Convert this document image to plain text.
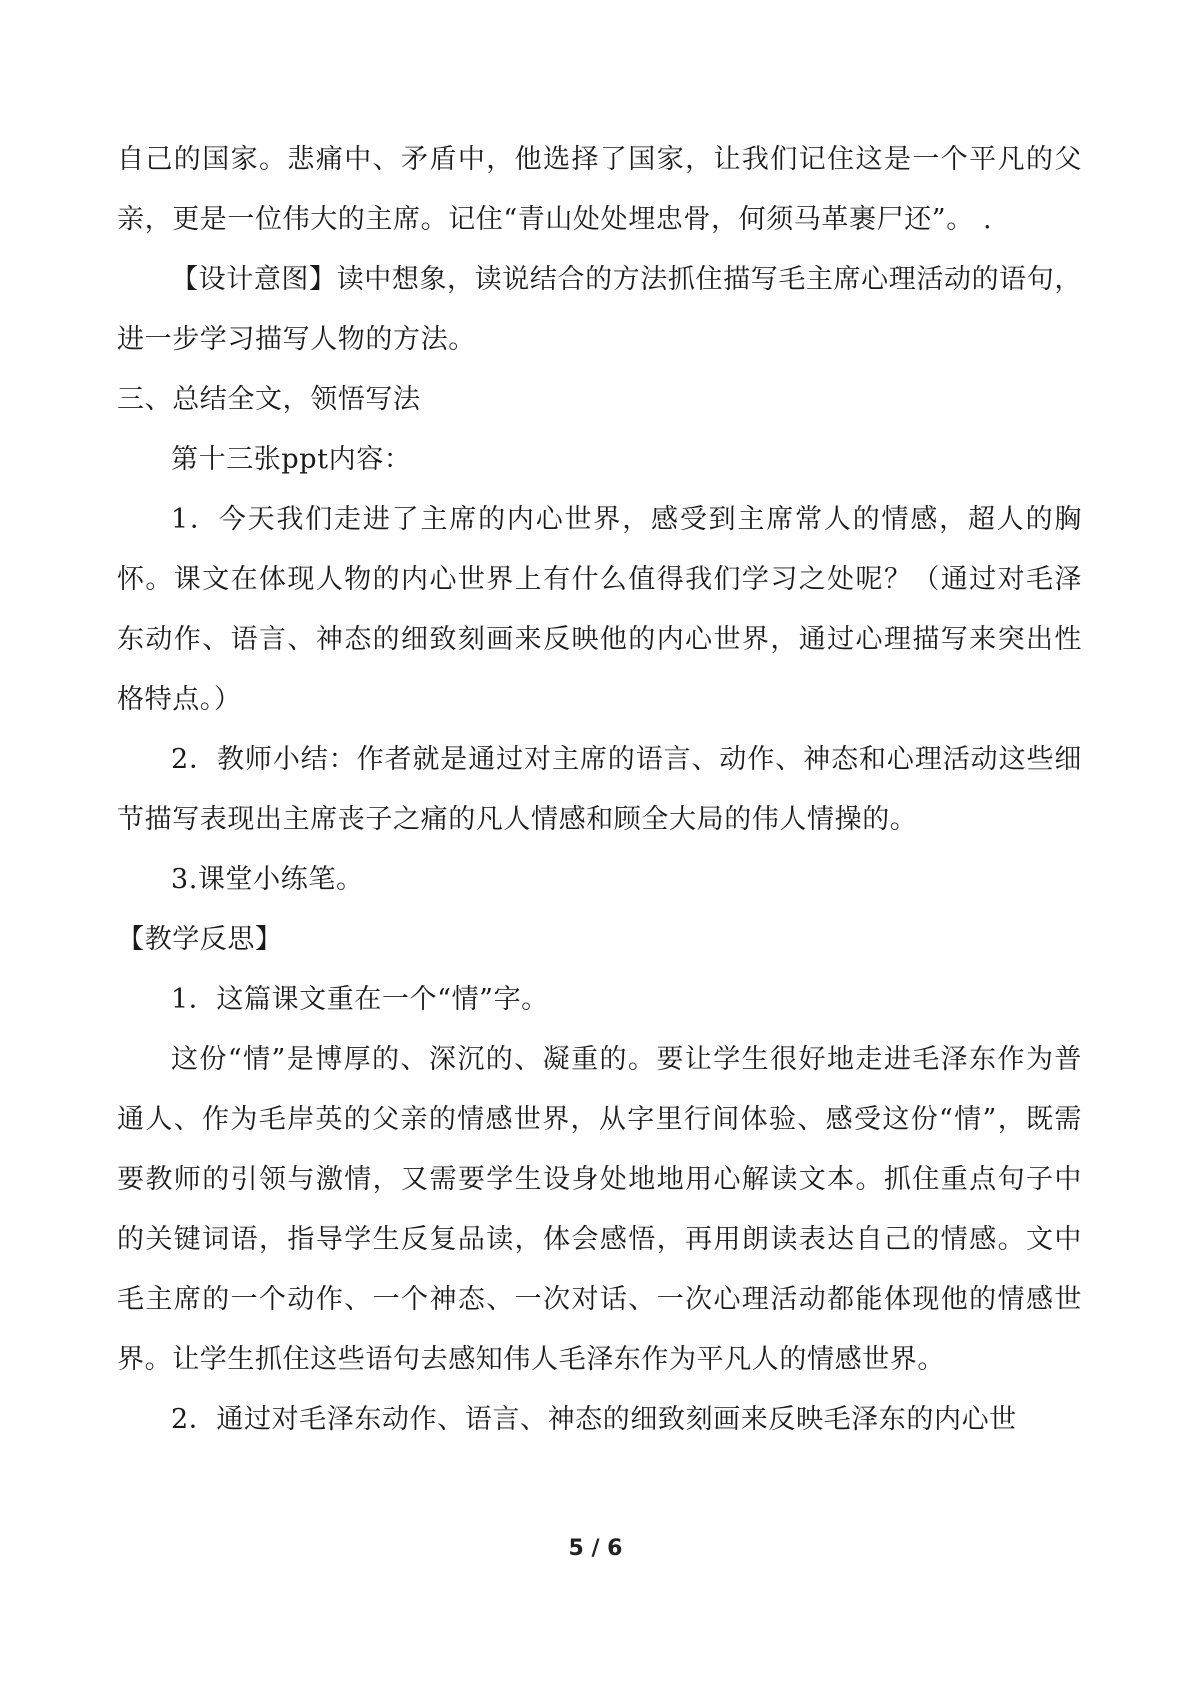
自己的国家。悲痛中、矛盾中，他选择了国家，让我们记住这是一个平凡的父亲，更是一位伟大的主席。记住“青山处处埋忠骨，何须马革裹尸还”。 .

【设计意图】读中想象，读说结合的方法抓住描写毛主席心理活动的语句，进一步学习描写人物的方法。

三、总结全文，领悟写法

第十三张ppt内容：

1．今天我们走进了主席的内心世界，感受到主席常人的情感，超人的胸怀。课文在体现人物的内心世界上有什么值得我们学习之处呢？（通过对毛泽东动作、语言、神态的细致刻画来反映他的内心世界，通过心理描写来突出性格特点。）

2．教师小结：作者就是通过对主席的语言、动作、神态和心理活动这些细节描写表现出主席丧子之痛的凡人情感和顾全大局的伟人情操的。

3.课堂小练笔。

【教学反思】

1．这篇课文重在一个“情”字。

这份“情”是博厚的、深沉的、凝重的。要让学生很好地走进毛泽东作为普通人、作为毛岸英的父亲的情感世界，从字里行间体验、感受这份“情”，既需要教师的引领与激情，又需要学生设身处地地用心解读文本。抓住重点句子中的关键词语，指导学生反复品读，体会感悟，再用朗读表达自己的情感。文中毛主席的一个动作、一个神态、一次对话、一次心理活动都能体现他的情感世界。让学生抓住这些语句去感知伟人毛泽东作为平凡人的情感世界。

2．通过对毛泽东动作、语言、神态的细致刻画来反映毛泽东的内心世

5 / 6
